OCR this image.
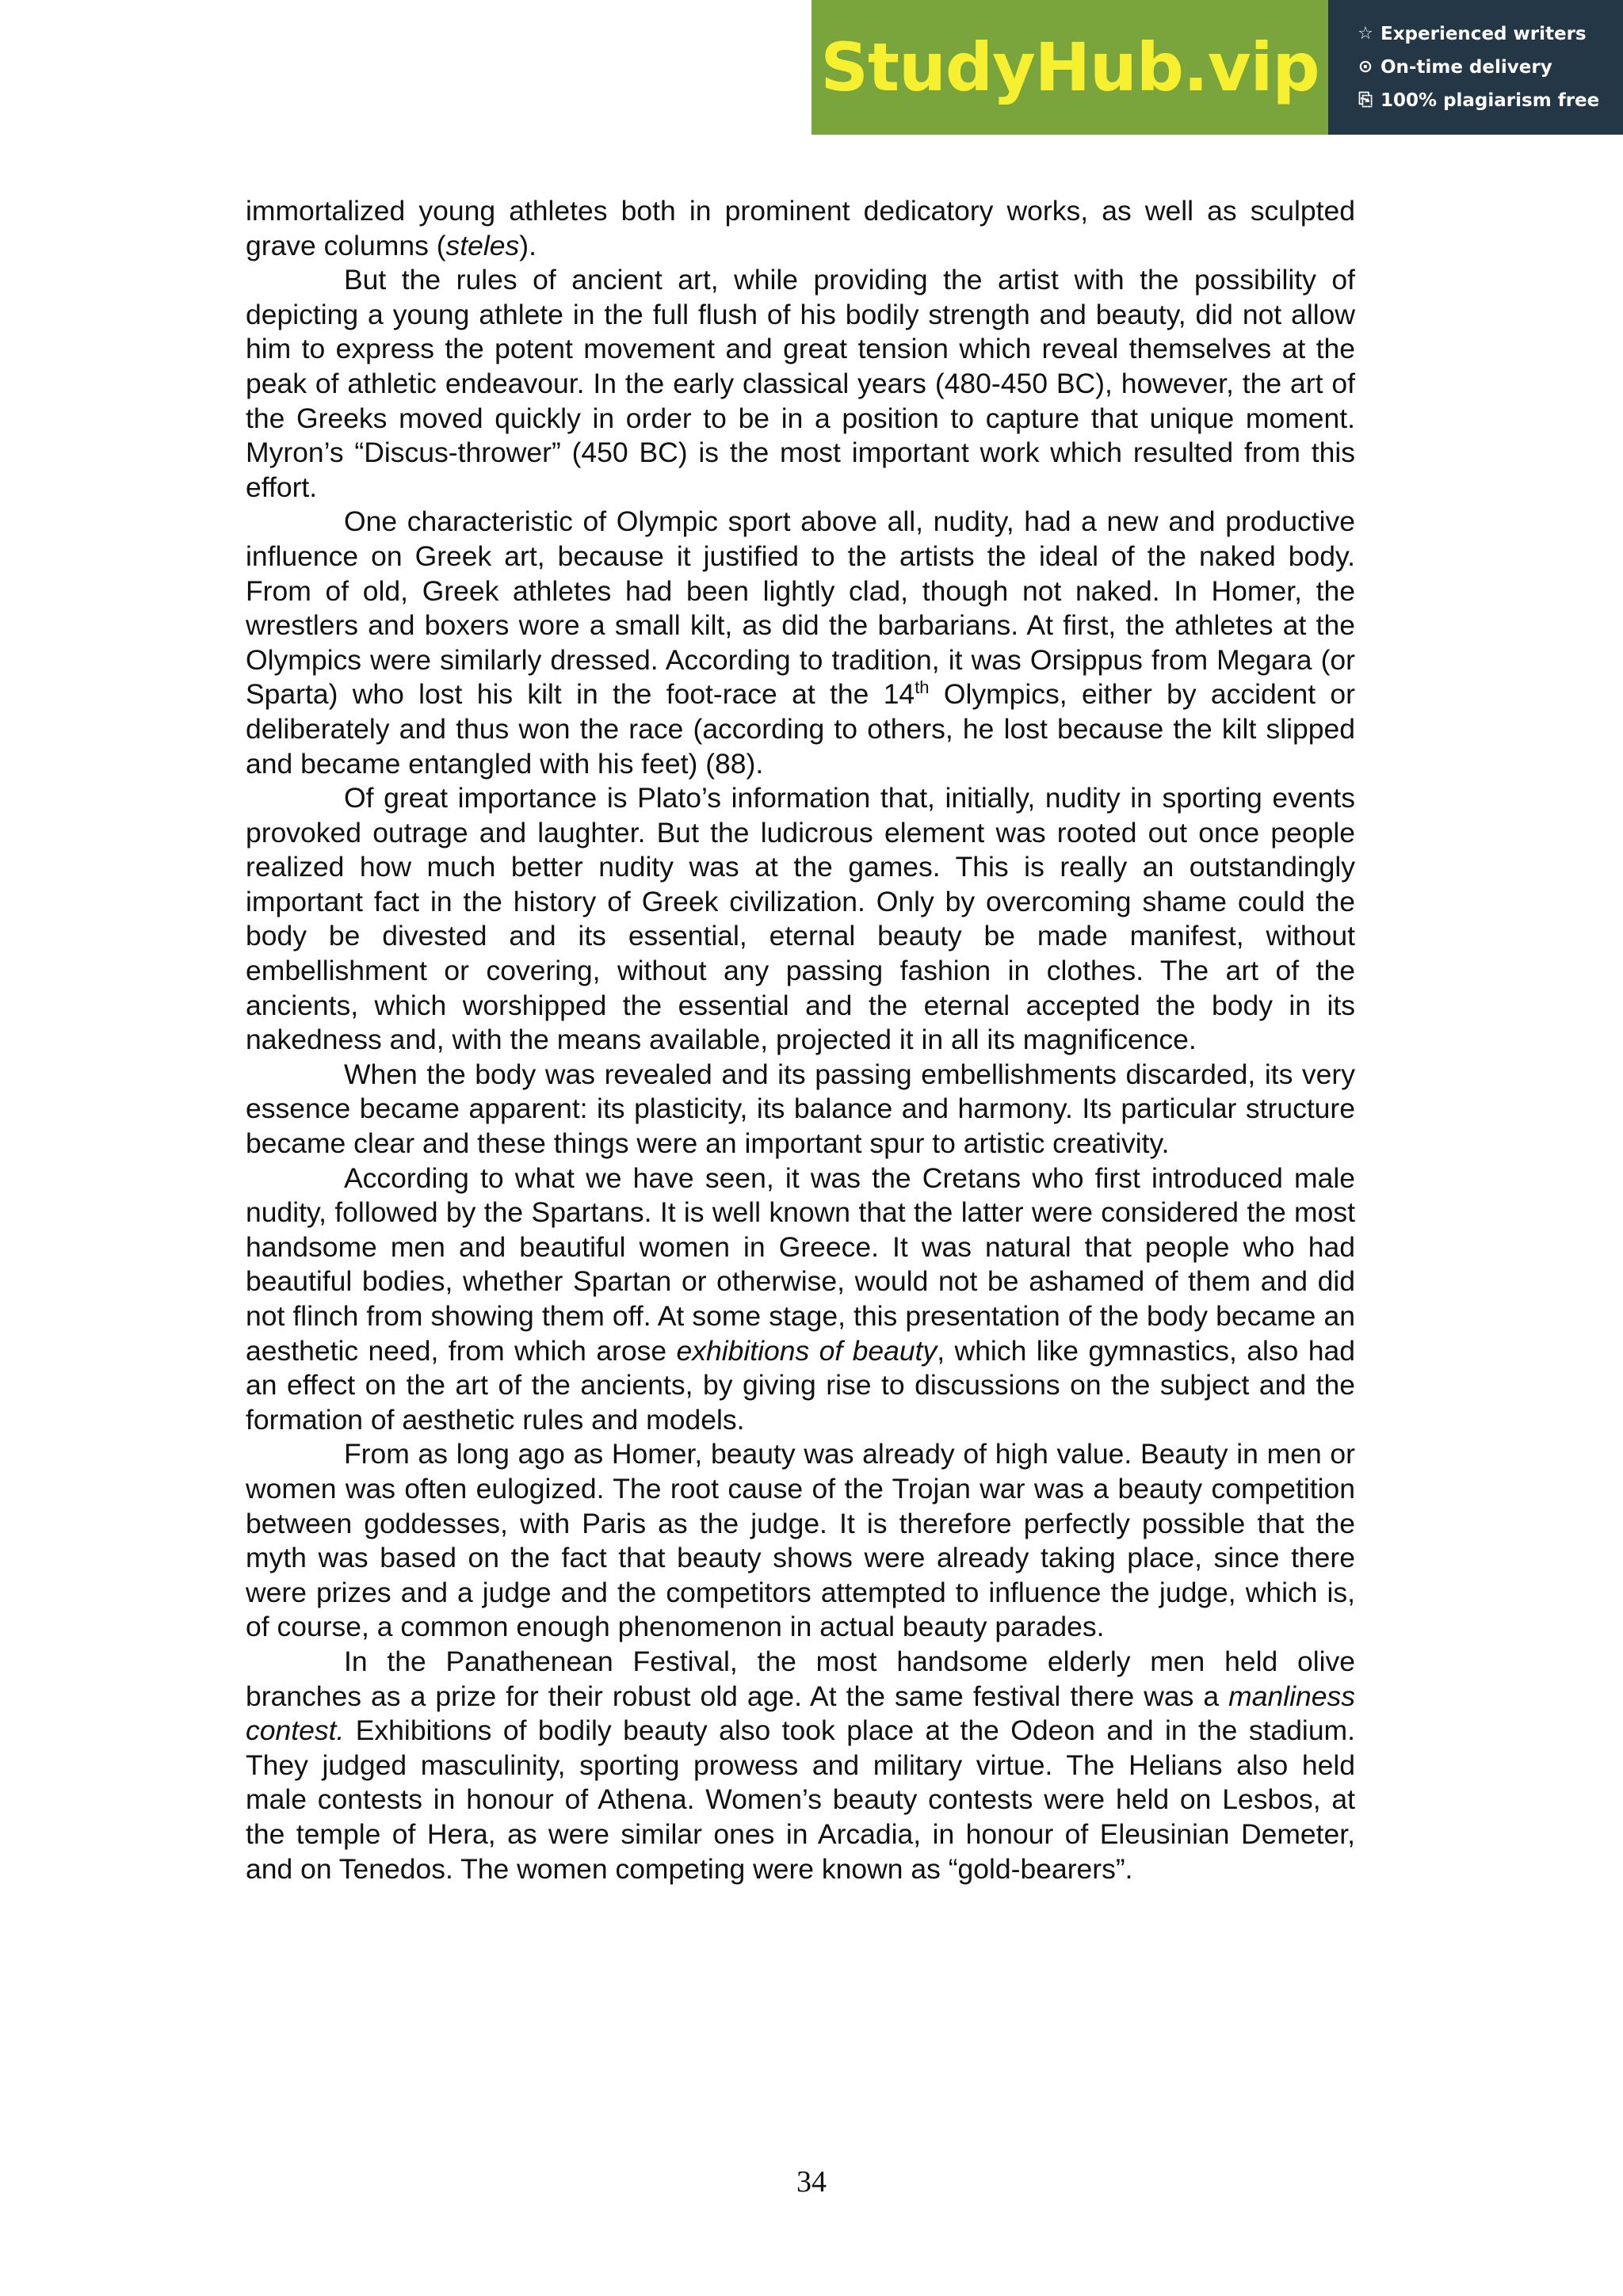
StudyHub.vip ☆ Experienced writers
⊙ On-time delivery
⎘ 100% plagiarism free

immortalized young athletes both in prominent dedicatory works, as well as sculpted grave columns (steles).

But the rules of ancient art, while providing the artist with the possibility of depicting a young athlete in the full flush of his bodily strength and beauty, did not allow him to express the potent movement and great tension which reveal themselves at the peak of athletic endeavour. In the early classical years (480-450 BC), however, the art of the Greeks moved quickly in order to be in a position to capture that unique moment. Myron’s “Discus-thrower” (450 BC) is the most important work which resulted from this effort.

One characteristic of Olympic sport above all, nudity, had a new and productive influence on Greek art, because it justified to the artists the ideal of the naked body. From of old, Greek athletes had been lightly clad, though not naked. In Homer, the wrestlers and boxers wore a small kilt, as did the barbarians. At first, the athletes at the Olympics were similarly dressed. According to tradition, it was Orsippus from Megara (or Sparta) who lost his kilt in the foot-race at the 14th Olympics, either by accident or deliberately and thus won the race (according to others, he lost because the kilt slipped and became entangled with his feet) (88).

Of great importance is Plato’s information that, initially, nudity in sporting events provoked outrage and laughter. But the ludicrous element was rooted out once people realized how much better nudity was at the games. This is really an outstandingly important fact in the history of Greek civilization. Only by overcoming shame could the body be divested and its essential, eternal beauty be made manifest, without embellishment or covering, without any passing fashion in clothes. The art of the ancients, which worshipped the essential and the eternal accepted the body in its nakedness and, with the means available, projected it in all its magnificence.

When the body was revealed and its passing embellishments discarded, its very essence became apparent: its plasticity, its balance and harmony. Its particular structure became clear and these things were an important spur to artistic creativity.

According to what we have seen, it was the Cretans who first introduced male nudity, followed by the Spartans. It is well known that the latter were considered the most handsome men and beautiful women in Greece. It was natural that people who had beautiful bodies, whether Spartan or otherwise, would not be ashamed of them and did not flinch from showing them off. At some stage, this presentation of the body became an aesthetic need, from which arose exhibitions of beauty, which like gymnastics, also had an effect on the art of the ancients, by giving rise to discussions on the subject and the formation of aesthetic rules and models.

From as long ago as Homer, beauty was already of high value. Beauty in men or women was often eulogized. The root cause of the Trojan war was a beauty competition between goddesses, with Paris as the judge. It is therefore perfectly possible that the myth was based on the fact that beauty shows were already taking place, since there were prizes and a judge and the competitors attempted to influence the judge, which is, of course, a common enough phenomenon in actual beauty parades.

In the Panathenean Festival, the most handsome elderly men held olive branches as a prize for their robust old age. At the same festival there was a manliness contest. Exhibitions of bodily beauty also took place at the Odeon and in the stadium. They judged masculinity, sporting prowess and military virtue. The Helians also held male contests in honour of Athena. Women’s beauty contests were held on Lesbos, at the temple of Hera, as were similar ones in Arcadia, in honour of Eleusinian Demeter, and on Tenedos. The women competing were known as “gold-bearers”.

34
